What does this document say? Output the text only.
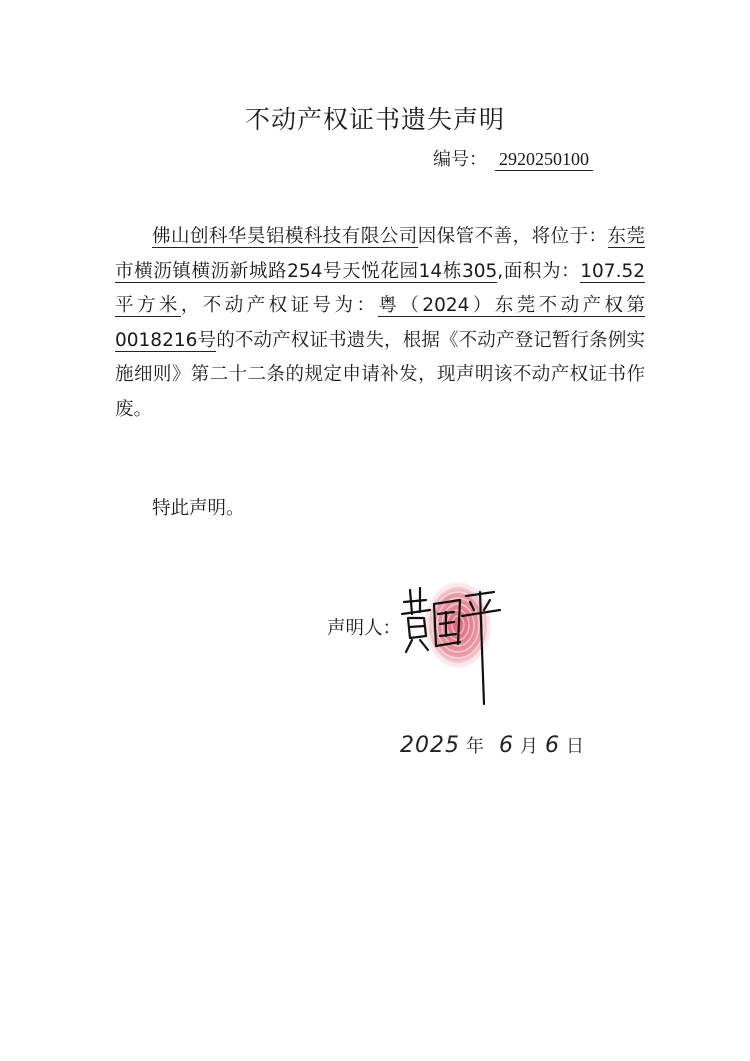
不动产权证书遗失声明
编号： 2920250100
佛山创科华昊铝模科技有限公司因保管不善，将位于：东莞市横沥镇横沥新城路254号天悦花园14栋305,面积为：107.52平方米，不动产权证号为：粤（2024）东莞不动产权第0018216号的不动产权证书遗失，根据《不动产登记暂行条例实施细则》第二十二条的规定申请补发，现声明该不动产权证书作废。
特此声明。
声明人：
2025 年 6 月 6 日
